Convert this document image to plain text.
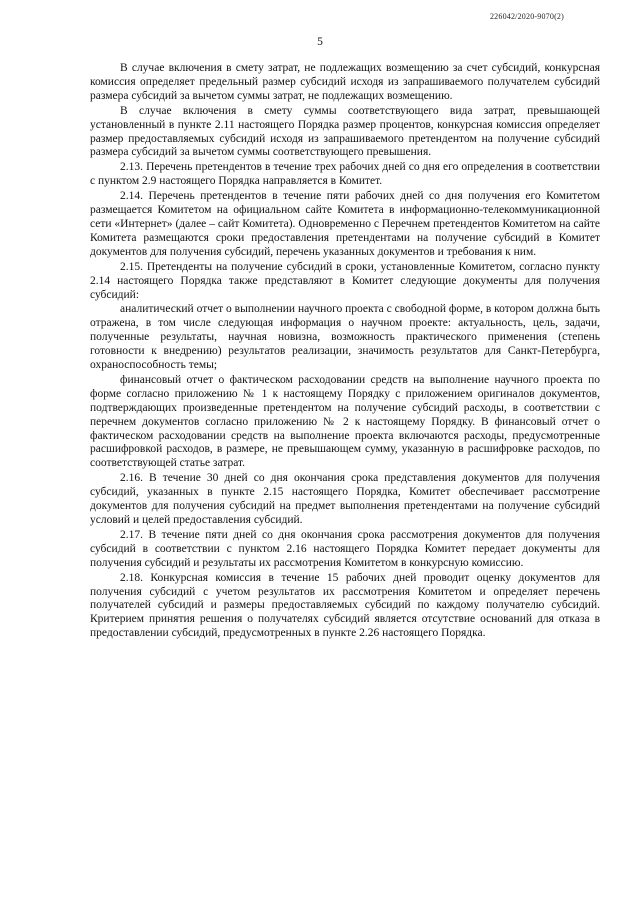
226042/2020-9070(2)
5

В случае включения в смету затрат, не подлежащих возмещению за счет субсидий, конкурсная комиссия определяет предельный размер субсидий исходя из запрашиваемого получателем субсидий размера субсидий за вычетом суммы затрат, не подлежащих возмещению.

В случае включения в смету суммы соответствующего вида затрат, превышающей установленный в пункте 2.11 настоящего Порядка размер процентов, конкурсная комиссия определяет размер предоставляемых субсидий исходя из запрашиваемого претендентом на получение субсидий размера субсидий за вычетом суммы соответствующего превышения.

2.13. Перечень претендентов в течение трех рабочих дней со дня его определения в соответствии с пунктом 2.9 настоящего Порядка направляется в Комитет.

2.14. Перечень претендентов в течение пяти рабочих дней со дня получения его Комитетом размещается Комитетом на официальном сайте Комитета в информационно-телекоммуникационной сети «Интернет» (далее – сайт Комитета). Одновременно с Перечнем претендентов Комитетом на сайте Комитета размещаются сроки предоставления претендентами на получение субсидий в Комитет документов для получения субсидий, перечень указанных документов и требования к ним.

2.15. Претенденты на получение субсидий в сроки, установленные Комитетом, согласно пункту 2.14 настоящего Порядка также представляют в Комитет следующие документы для получения субсидий:

аналитический отчет о выполнении научного проекта с свободной форме, в котором должна быть отражена, в том числе следующая информация о научном проекте: актуальность, цель, задачи, полученные результаты, научная новизна, возможность практического применения (степень готовности к внедрению) результатов реализации, значимость результатов для Санкт-Петербурга, охраноспособность темы;

финансовый отчет о фактическом расходовании средств на выполнение научного проекта по форме согласно приложению № 1 к настоящему Порядку с приложением оригиналов документов, подтверждающих произведенные претендентом на получение субсидий расходы, в соответствии с перечнем документов согласно приложению № 2 к настоящему Порядку. В финансовый отчет о фактическом расходовании средств на выполнение проекта включаются расходы, предусмотренные расшифровкой расходов, в размере, не превышающем сумму, указанную в расшифровке расходов, по соответствующей статье затрат.

2.16. В течение 30 дней со дня окончания срока представления документов для получения субсидий, указанных в пункте 2.15 настоящего Порядка, Комитет обеспечивает рассмотрение документов для получения субсидий на предмет выполнения претендентами на получение субсидий условий и целей предоставления субсидий.

2.17. В течение пяти дней со дня окончания срока рассмотрения документов для получения субсидий в соответствии с пунктом 2.16 настоящего Порядка Комитет передает документы для получения субсидий и результаты их рассмотрения Комитетом в конкурсную комиссию.

2.18. Конкурсная комиссия в течение 15 рабочих дней проводит оценку документов для получения субсидий с учетом результатов их рассмотрения Комитетом и определяет перечень получателей субсидий и размеры предоставляемых субсидий по каждому получателю субсидий. Критерием принятия решения о получателях субсидий является отсутствие оснований для отказа в предоставлении субсидий, предусмотренных в пункте 2.26 настоящего Порядка.
